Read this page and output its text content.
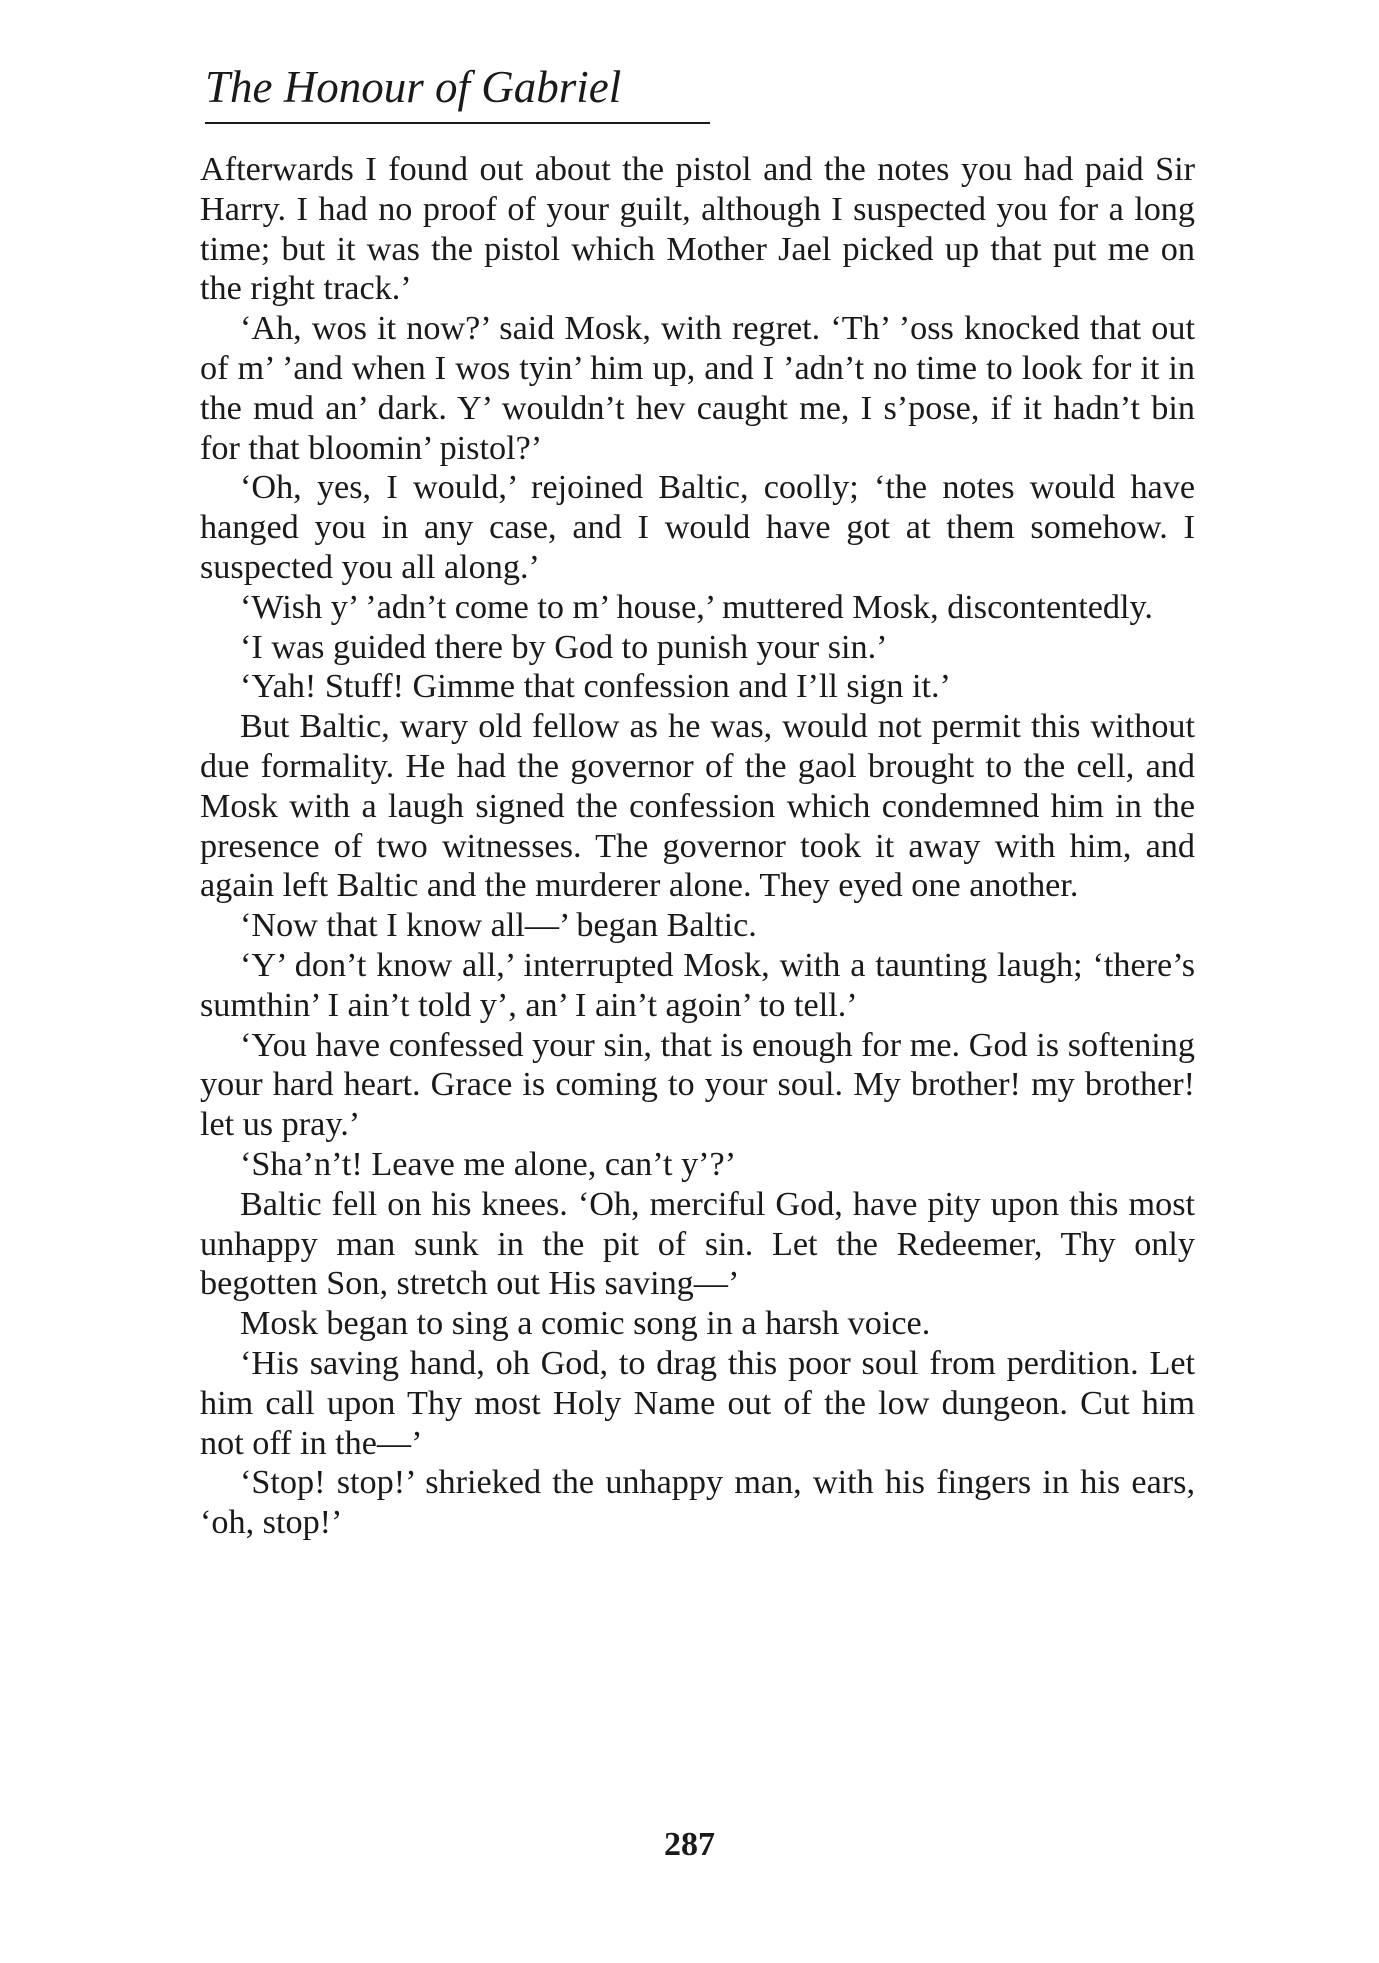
The Honour of Gabriel

Afterwards I found out about the pistol and the notes you had paid Sir Harry. I had no proof of your guilt, although I suspected you for a long time; but it was the pistol which Mother Jael picked up that put me on the right track.’

‘Ah, wos it now?’ said Mosk, with regret. ‘Th’ ’oss knocked that out of m’ ’and when I wos tyin’ him up, and I ’adn’t no time to look for it in the mud an’ dark. Y’ wouldn’t hev caught me, I s’pose, if it hadn’t bin for that bloomin’ pistol?’

‘Oh, yes, I would,’ rejoined Baltic, coolly; ‘the notes would have hanged you in any case, and I would have got at them somehow. I suspected you all along.’

‘Wish y’ ’adn’t come to m’ house,’ muttered Mosk, discontentedly.

‘I was guided there by God to punish your sin.’

‘Yah! Stuff! Gimme that confession and I’ll sign it.’

But Baltic, wary old fellow as he was, would not permit this without due formality. He had the governor of the gaol brought to the cell, and Mosk with a laugh signed the confession which condemned him in the presence of two witnesses. The governor took it away with him, and again left Baltic and the murderer alone. They eyed one another.

‘Now that I know all—’ began Baltic.

‘Y’ don’t know all,’ interrupted Mosk, with a taunting laugh; ‘there’s sumthin’ I ain’t told y’, an’ I ain’t agoin’ to tell.’

‘You have confessed your sin, that is enough for me. God is softening your hard heart. Grace is coming to your soul. My brother! my brother! let us pray.’

‘Sha’n’t! Leave me alone, can’t y’?’

Baltic fell on his knees. ‘Oh, merciful God, have pity upon this most unhappy man sunk in the pit of sin. Let the Redeemer, Thy only begotten Son, stretch out His saving—’

Mosk began to sing a comic song in a harsh voice.

‘His saving hand, oh God, to drag this poor soul from perdition. Let him call upon Thy most Holy Name out of the low dungeon. Cut him not off in the—’

‘Stop! stop!’ shrieked the unhappy man, with his fingers in his ears, ‘oh, stop!’

287
